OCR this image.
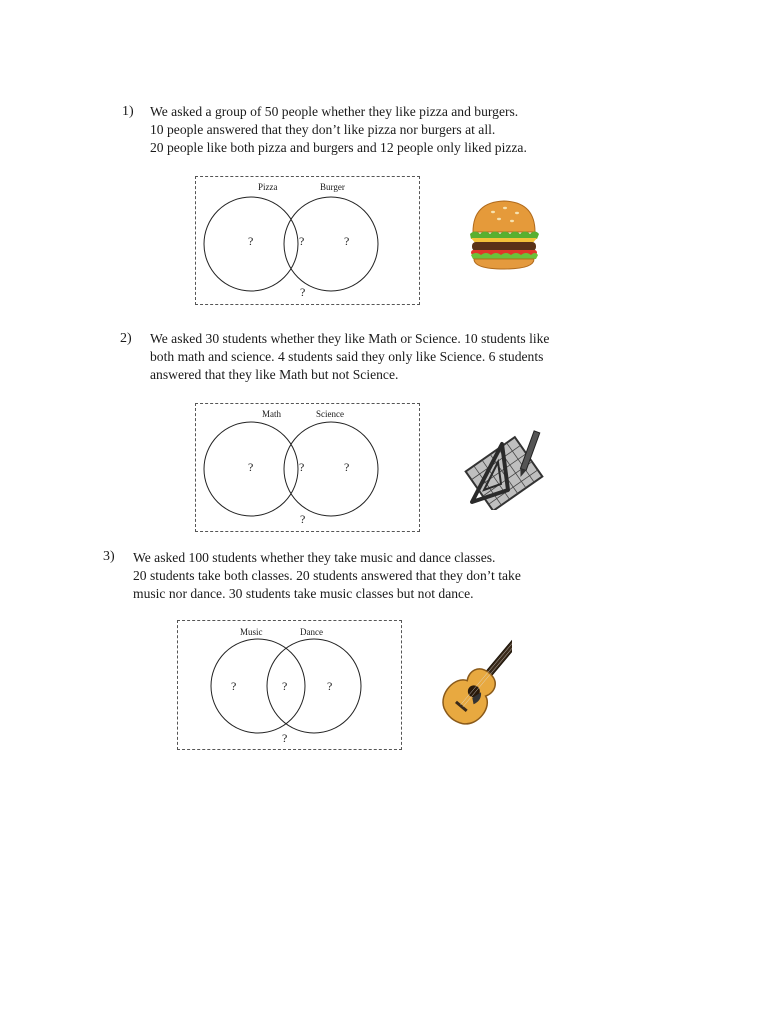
1) We asked a group of 50 people whether they like pizza and burgers.
10 people answered that they don’t like pizza nor burgers at all.
20 people like both pizza and burgers and 12 people only liked pizza.
Pizza	Burger
?	?	?
?
2) We asked 30 students whether they like Math or Science. 10 students like
both math and science. 4 students said they only like Science. 6 students
answered that they like Math but not Science.
Math	Science
?	?	?
?
3) We asked 100 students whether they take music and dance classes.
20 students take both classes. 20 students answered that they don’t take
music nor dance. 30 students take music classes but not dance.
Music	Dance
?	?	?
?
